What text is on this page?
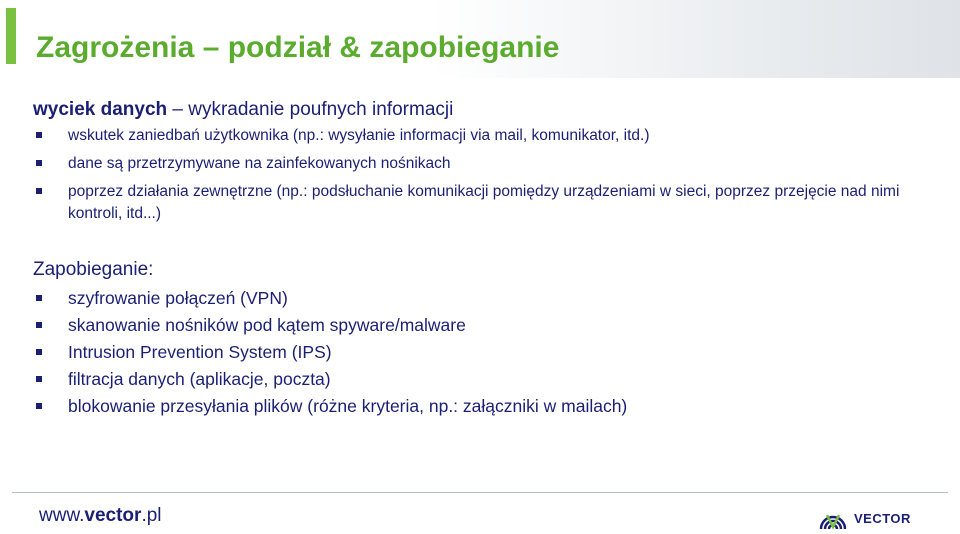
Zagrożenia – podział & zapobieganie
wyciek danych – wykradanie poufnych informacji
wskutek zaniedbań użytkownika (np.: wysyłanie informacji via mail, komunikator, itd.)
dane są przetrzymywane na zainfekowanych nośnikach
poprzez działania zewnętrzne (np.: podsłuchanie komunikacji pomiędzy urządzeniami w sieci, poprzez przejęcie nad nimi kontroli, itd...)
Zapobieganie:
szyfrowanie połączeń (VPN)
skanowanie nośników pod kątem spyware/malware
Intrusion Prevention System (IPS)
filtracja danych (aplikacje, poczta)
blokowanie przesyłania plików (różne kryteria, np.: załączniki w mailach)
www.vector.pl	VECTOR
